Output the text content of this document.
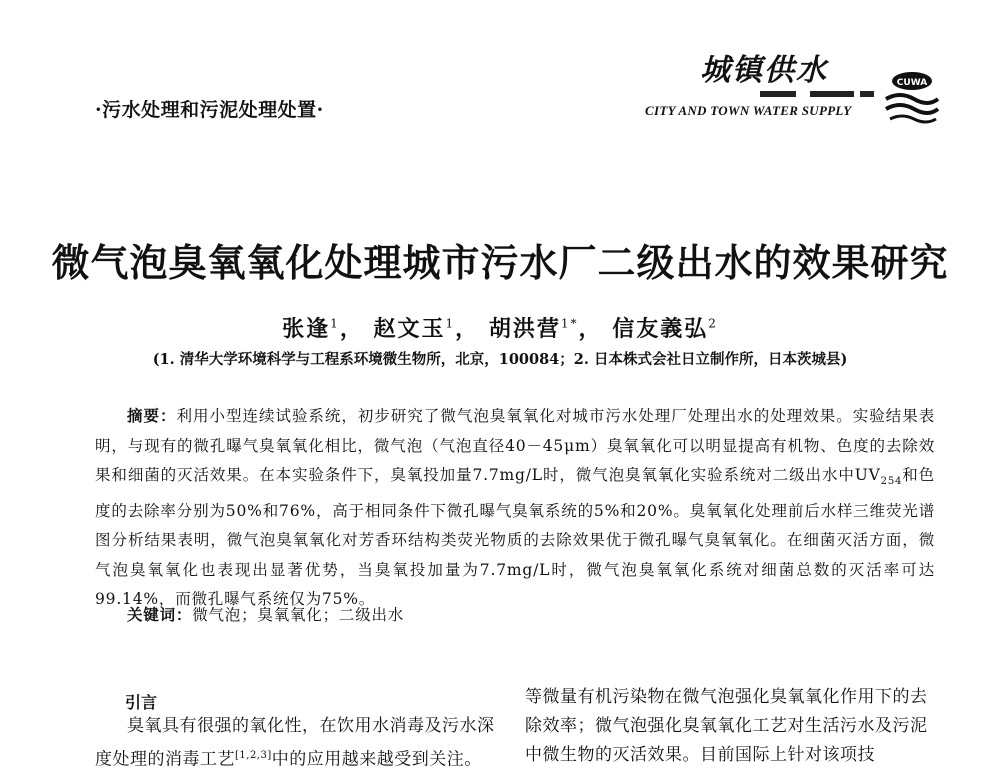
·污水处理和污泥处理处置·
城镇供水
CITY AND TOWN WATER SUPPLY
CUWA
微气泡臭氧氧化处理城市污水厂二级出水的效果研究
张逢$^1$， 赵文玉$^1$， 胡洪营$^{1*}$， 信友義弘$^2$
(1. 清华大学环境科学与工程系环境微生物所，北京，100084；2. 日本株式会社日立制作所，日本茨城县)
摘要：利用小型连续试验系统，初步研究了微气泡臭氧氧化对城市污水处理厂处理出水的处理效果。实验结果表明，与现有的微孔曝气臭氧氧化相比，微气泡（气泡直径40－45μm）臭氧氧化可以明显提高有机物、色度的去除效果和细菌的灭活效果。在本实验条件下，臭氧投加量7.7mg/L时，微气泡臭氧氧化实验系统对二级出水中$UV_{254}$和色度的去除率分别为50%和76%，高于相同条件下微孔曝气臭氧系统的5%和20%。臭氧氧化处理前后水样三维荧光谱图分析结果表明，微气泡臭氧氧化对芳香环结构类荧光物质的去除效果优于微孔曝气臭氧氧化。在细菌灭活方面，微气泡臭氧氧化也表现出显著优势，当臭氧投加量为7.7mg/L时，微气泡臭氧氧化系统对细菌总数的灭活率可达99.14%，而微孔曝气系统仅为75%。
关键词：微气泡；臭氧氧化；二级出水
引言

臭氧具有很强的氧化性，在饮用水消毒及污水深度处理的消毒工艺[1,2,3]中的应用越来越受到关注。

等微量有机污染物在微气泡强化臭氧氧化作用下的去除效率；微气泡强化臭氧氧化工艺对生活污水及污泥中微生物的灭活效果。目前国际上针对该项技
